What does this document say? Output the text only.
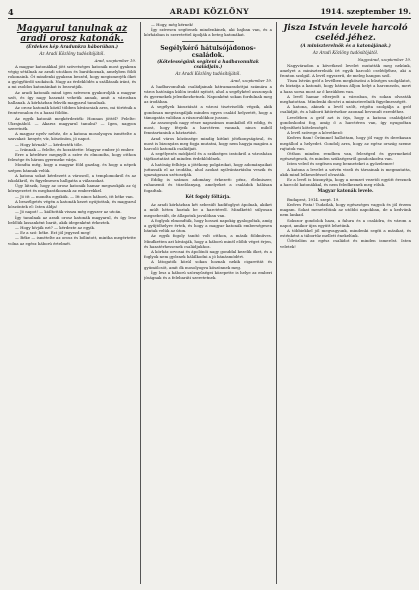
4	ARADI KÖZLÖNY	1914. szeptember 19.
Magyarul tanulnak az aradi orosz katonák.
(Érdekes kép Aradunkra háborúban.)
Az Aradi Közlöny tudósítójától.
Arad, szeptember 19.

A magyar katonákkal jött szövetséges katonák most gyakran végig sétálnak az aradi utcákon és barátkoznak, amelyben földi rokonaink. Őt mindenki gyakran beszéd, hogy megismerjék őket a gyógyfürdő szokások. Nagy az érdeklődés a szállásaik iránt, és a mi zsoldos katonáinkat is beavatják.

Az aradi katonák mind igen szívesen gyakorolják a magyar szót, és így nagy hasznát vehetik annak, amit a városban hallanak. A kórházban fekvők magyarul tanulnak.

Az orosz katonák közül többen kíváncsiak arra, mi történik a frontvonalon és a hazai földön.

Az egyik katonát megkérdezték: Honnan jöttél? Felelte: Ukrajnából. — Akarsz magyarul tanulni? — Igen, nagyon szeretnék.

A magyar nyelv nehéz, de a katona mosolyogva ismételte a szavakat: kenyér, víz, köszönöm, jó napot.

— Hogy hívnak? — kérdezték tőle.

— Ivánnak — felelte, és hozzátette: Magyar ember jó ember.

Erre a kérdésre megnyílt a szíve és elmondta, hogy otthon felesége és három gyermeke várja.

Mondta még, hogy a magyar föld gazdag, és hogy a népek szépen bánnak velük.

A katona sokat kérdezett a városról, a templomokról és az iskolákról, és figyelmesen hallgatta a válaszokat.

Úgy látszik, hogy az orosz katonák hamar megszokják az új környezetet és megbarátkoznak az emberekkel.

— Jó itt — mondta egyikük. — Itt nincs háború, itt béke van.

A beszélgetés végén a katonák kezet nyújtottak, és magyarul köszöntek el: Isten áldja!

— Jó napot! — kiáltották vissza még egyszer az utcán.

Így tanulnak az aradi orosz katonák magyarul, és így lesz belőlük lassanként barát, akik idegenként érkeztek.

— Hogy hívják ezt? — kérdezte az egyik.

— Ez a szó: béke. Ezt jól jegyezd meg!

— Béke — ismételte az orosz és bólintott, mintha megértette volna az egész háború értelmét.

— Hogy, még kérnek!

Így szívesen segítenek mindenkinek, aki bajban van, és a kórházban is szeretettel ápolják a beteg katonákat.

Segélykérő hátulsójádonos-családok.
(Kötelességünk segíteni a hadbavonultak családjain.)
Az Aradi Közlöny tudósítójától.
Arad, szeptember 19.

A hadbavonultak családjainak hátramaradottjai számára a város hatósága külön irodát nyitott, ahol a segélykérő asszonyok és gyermekek jelentkezhetnek. Naponként sokan fordulnak meg az irodában.

A segélyek kiosztását a városi tisztviselők végzik, akik gondosan megvizsgálják minden egyes család helyzetét, hogy a támogatás valóban a rászorulókhoz jusson.

Az asszonyok nagy része napszámos munkából élt eddig, és most, hogy férjeik a harctéren vannak, nincs miből fenntartaniuk a háztartást.

Arad város közönsége mindig kitűnt jótékonyságával, és most is bizonyára meg fogja mutatni, hogy nem hagyja magára a harcoló katonák családjait.

A segélyezés módjáról és a szükséges iratokról a városháza tájékoztatást ad minden érdeklődőnek.

A hatóság felhívja a jótékony polgárokat, hogy adományaikat juttassák el az irodába, ahol azokat nyilvántartásba veszik és igazságosan szétosztják.

Eddig is számos adomány érkezett: pénz, élelmiszer, ruhanemű és tüzelőanyag, amelyeket a családok hálásan fogadtak.

Két fogoly föltárja.

Az aradi kórházban két sebesült hadifoglyot ápolnak, akiket a múlt héten hoztak be a harctérről. Mindkettő súlyosan megsebesült, de állapotuk javulóban van.

A foglyok elmondták, hogy hosszú napokig gyalogoltak, amíg a gyűjtőhelyre értek, és hogy a magyar katonák emberségesen bántak velük az úton.

Az egyik fogoly tanító volt otthon, a másik földműves. Mindketten azt kívánják, hogy a háború minél előbb véget érjen, és hazatérhessenek családjukhoz.

A kórház orvosai és ápolónői nagy gonddal kezelik őket, és a foglyok nem győznek hálálkodni a jó bánásmódért.

A látogatók közül sokan hoznak nekik cigarettát és gyümölcsöt, amit ők mosolyogva köszönnek meg.

Így lesz a háború szörnyűségei közepette is helye az emberi jóságnak és a felebaráti szeretetnek.

Jisza István levele harcoló cseléd.jéhez.
(A miniszterelnök és a katonájának.)
Az Aradi Közlöny tudósítójától.
Nagyvárad, szeptember 19.

Nagyváradon a következő levelet mutatták meg nekünk, amelyet a miniszterelnök írt egyik harcoló cselédjéhez, aki a fronton szolgál. A levél egyszerű, de meleg hangon szól.

Tisza István gróf a levélben megköszöni a hűséges szolgálatot, és biztatja a katonát, hogy bátran álljon helyt a harcmezőn, mert a haza sorsa most az ő kezükben van.

A levél hamar elterjedt a városban, és sokan olvasták meghatottan. Mindenki dicséri a miniszterelnök figyelmességét.

A katona, akinek a levél szólt, régóta szolgálja a gróf családját, és a háború kitörésekor azonnal bevonult ezredéhez.

Levelében a gróf azt is írja, hogy a katona családjáról gondoskodni fog, amíg ő a harctéren van, így nyugodtan teljesítheti kötelességét.

A levél szövege a következő:

Kedves fiam! Örömmel hallottam, hogy jól vagy és derekasan megállod a helyedet. Gondolj arra, hogy az egész ország szeme rajtatok van.

Otthon minden rendben van, feleséged és gyermekeid egészségesek, és minden szükségesről gondoskodva van.

Isten veled és segítsen meg benneteket a győzelemre!

A katona a levelet a szívén viseli és társainak is megmutatta, akik mind lelkesedéssel olvasták.

Ez a levél is bizonyítja, hogy a nemzet vezetői együtt éreznek a harcoló katonákkal, és nem feledkeznek meg róluk.

Magyar katonák levele.

Budapest, 1914. szept. 19.

Kedves Pista! Tudatlak, hogy egészséges vagyok és jól érzem magam. Sokat meneteltünk az utóbbi napokban, de a kedvünk nem lankad.

Sokszor gondolok haza, a falura és a családra, és várom a napot, amikor újra együtt lehetünk.

A többiekkel jól megvagyunk, mindenki segíti a másikat, és esténként a tábortűz mellett énekelünk.

Üdvözlöm az egész családot és minden ismerőst. Isten veletek!
